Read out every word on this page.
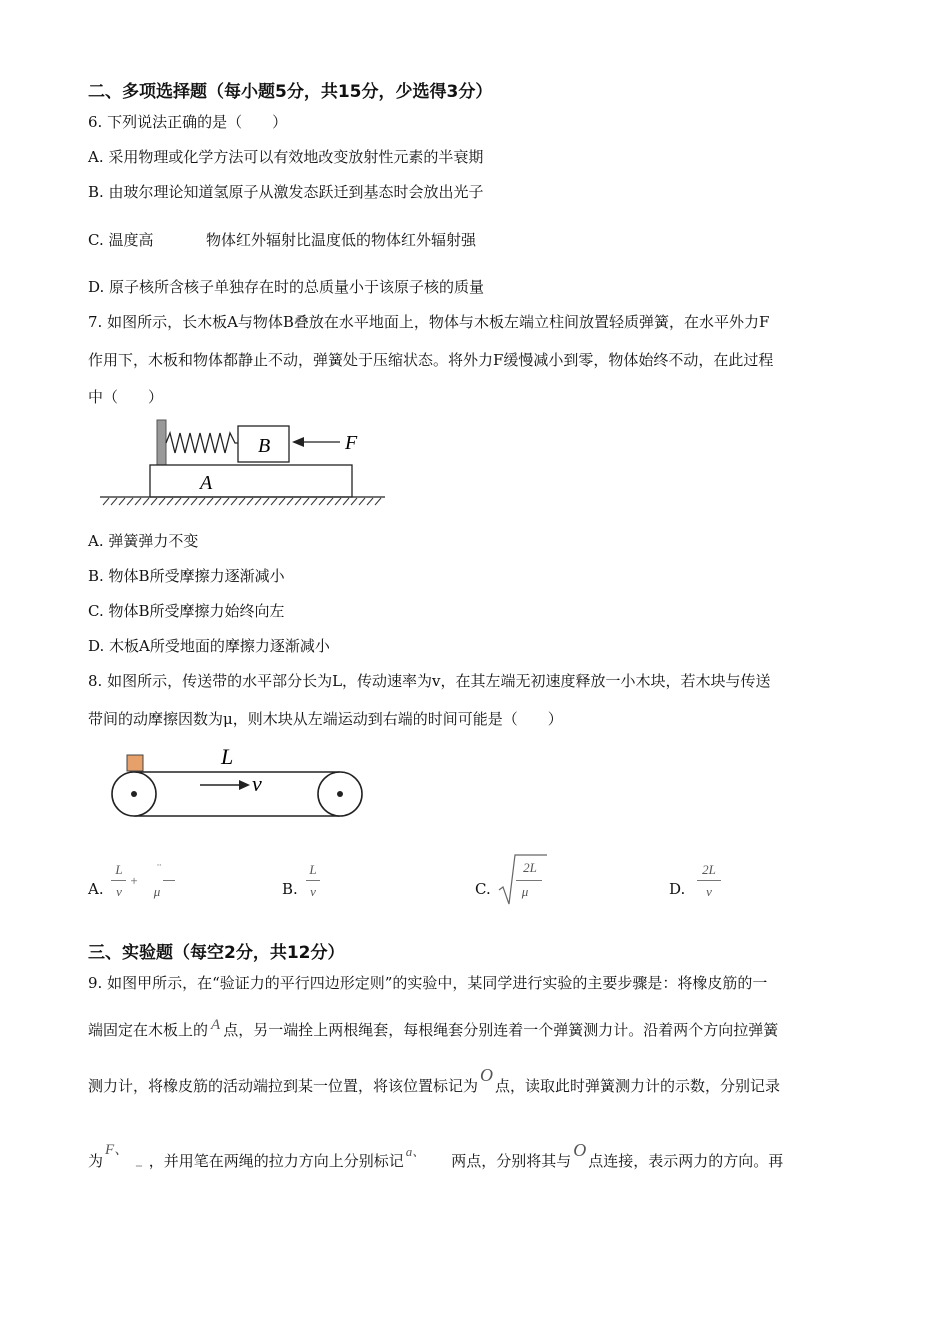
二、多项选择题（每小题5分，共15分，少选得3分）
6. 下列说法正确的是（　　）
A. 采用物理或化学方法可以有效地改变放射性元素的半衰期
B. 由玻尔理论知道氢原子从激发态跃迁到基态时会放出光子
C. 温度高	物体红外辐射比温度低的物体红外辐射强
D. 原子核所含核子单独存在时的总质量小于该原子核的质量
7. 如图所示，长木板A与物体B叠放在水平地面上，物体与木板左端立柱间放置轻质弹簧，在水平外力F
作用下，木板和物体都静止不动，弹簧处于压缩状态。将外力F缓慢减小到零，物体始终不动，在此过程
中（　　）
B	F
A
A. 弹簧弹力不变
B. 物体B所受摩擦力逐渐减小
C. 物体B所受摩擦力始终向左
D. 木板A所受地面的摩擦力逐渐减小
8. 如图所示，传送带的水平部分长为L，传动速率为v，在其左端无初速度释放一小木块，若木块与传送
带间的动摩擦因数为μ，则木块从左端运动到右端的时间可能是（　　）
L
v
A.
L
v
+
··
μ	B.
L
v	C.
2L
μ	D.
2L
v
三、实验题（每空2分，共12分）
9. 如图甲所示，在“验证力的平行四边形定则”的实验中，某同学进行实验的主要步骤是：将橡皮筋的一
端固定在木板上的 A 点，另一端拴上两根绳套，每根绳套分别连着一个弹簧测力计。沿着两个方向拉弹簧
测力计，将橡皮筋的活动端拉到某一位置，将该位置标记为O点，读取此时弹簧测力计的示数，分别记录
为F、– ，并用笔在两绳的拉力方向上分别标记a、两点，分别将其与O点连接，表示两力的方向。再
